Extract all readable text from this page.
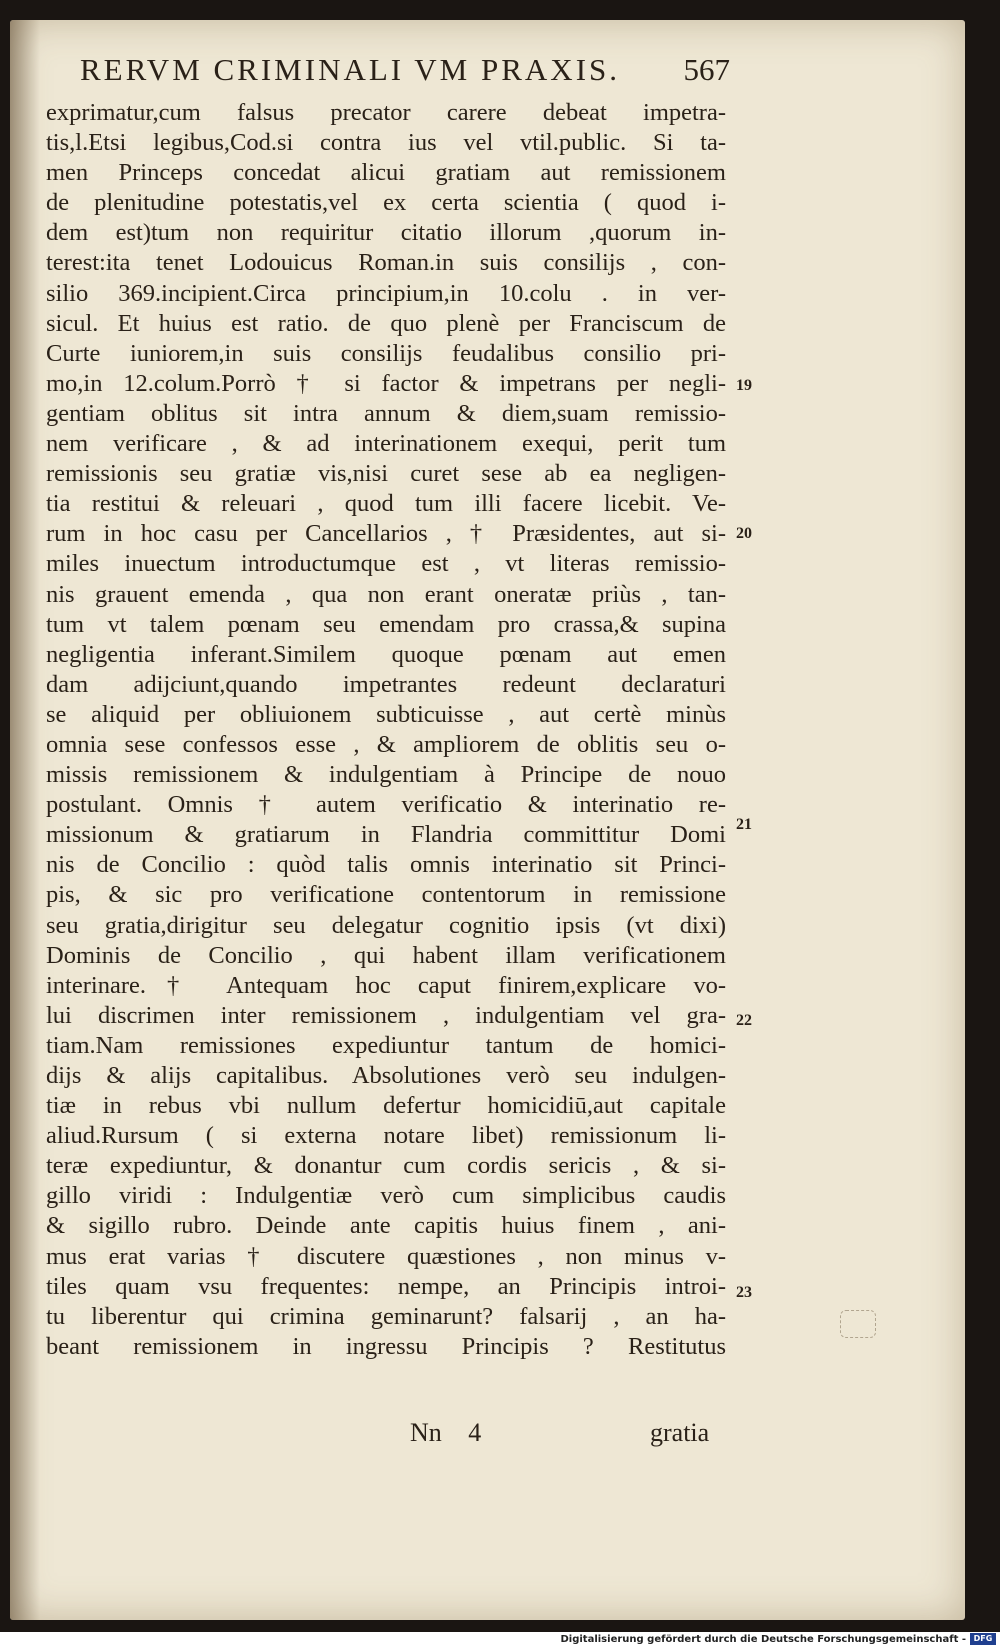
RERVM CRIMINALI VM PRAXIS. 567
exprimatur,cum falsus precator carere debeat impetra-
tis,l.Etsi legibus,Cod.si contra ius vel vtil.public. Si ta-
men Princeps concedat alicui gratiam aut remissionem
de plenitudine potestatis,vel ex certa scientia ( quod i-
dem est)tum non requiritur citatio illorum ,quorum in-
terest:ita tenet Lodouicus Roman.in suis consilijs , con-
silio 369.incipient.Circa principium,in 10.colu . in ver-
sicul. Et huius est ratio. de quo plenè per Franciscum de
Curte iuniorem,in suis consilijs feudalibus consilio pri-
mo,in 12.colum.Porrò † si factor & impetrans per negli-
gentiam oblitus sit intra annum & diem,suam remissio-
nem verificare , & ad interinationem exequi, perit tum
remissionis seu gratiæ vis,nisi curet sese ab ea negligen-
tia restitui & releuari , quod tum illi facere licebit. Ve-
rum in hoc casu per Cancellarios , † Præsidentes, aut si-
miles inuectum introductumque est , vt literas remissio-
nis grauent emenda , qua non erant oneratæ priùs , tan-
tum vt talem pœnam seu emendam pro crassa,& supina
negligentia inferant.Similem quoque pœnam aut emen
dam adijciunt,quando impetrantes redeunt declaraturi
se aliquid per obliuionem subticuisse , aut certè minùs
omnia sese confessos esse , & ampliorem de oblitis seu o-
missis remissionem & indulgentiam à Principe de nouo
postulant. Omnis † autem verificatio & interinatio re-
missionum & gratiarum in Flandria committitur Domi
nis de Concilio : quòd talis omnis interinatio sit Princi-
pis, & sic pro verificatione contentorum in remissione
seu gratia,dirigitur seu delegatur cognitio ipsis (vt dixi)
Dominis de Concilio , qui habent illam verificationem
interinare.† Antequam hoc caput finirem,explicare vo-
lui discrimen inter remissionem , indulgentiam vel gra-
tiam.Nam remissiones expediuntur tantum de homici-
dijs & alijs capitalibus. Absolutiones verò seu indulgen-
tiæ in rebus vbi nullum defertur homicidiū,aut capitale
aliud.Rursum ( si externa notare libet) remissionum li-
teræ expediuntur, & donantur cum cordis sericis , & si-
gillo viridi : Indulgentiæ verò cum simplicibus caudis
& sigillo rubro. Deinde ante capitis huius finem , ani-
mus erat varias † discutere quæstiones , non minus v-
tiles quam vsu frequentes: nempe, an Principis introi-
tu liberentur qui crimina geminarunt? falsarij , an ha-
beant remissionem in ingressu Principis ? Restitutus
19
20
21
22
23
Nn 4	gratia
Digitalisierung gefördert durch die Deutsche Forschungsgemeinschaft - DFG
